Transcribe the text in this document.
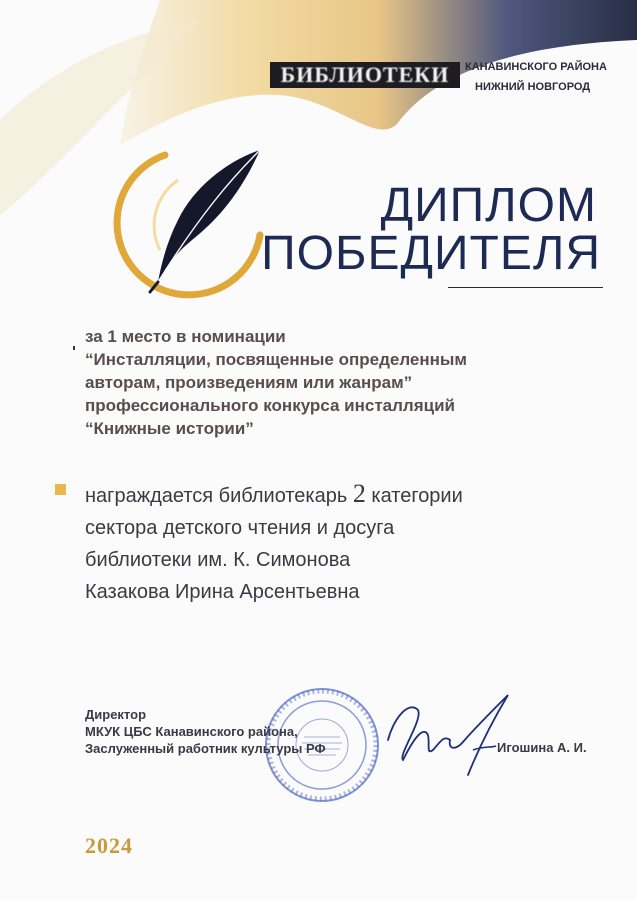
БИБЛИОТЕКИ	КАНАВИНСКОГО РАЙОНА
НИЖНИЙ НОВГОРОД
ДИПЛОМ
ПОБЕДИТЕЛЯ
за 1 место в номинации
“Инсталляции, посвященные определенным
авторам, произведениям или жанрам”
профессионального конкурса инсталляций
“Книжные истории”
награждается библиотекарь 2 категории
сектора детского чтения и досуга
библиотеки им. К. Симонова
Казакова Ирина Арсентьевна
Директор
МКУК ЦБС Канавинского района,
Заслуженный работник культуры РФ	Игошина А. И.
2024
